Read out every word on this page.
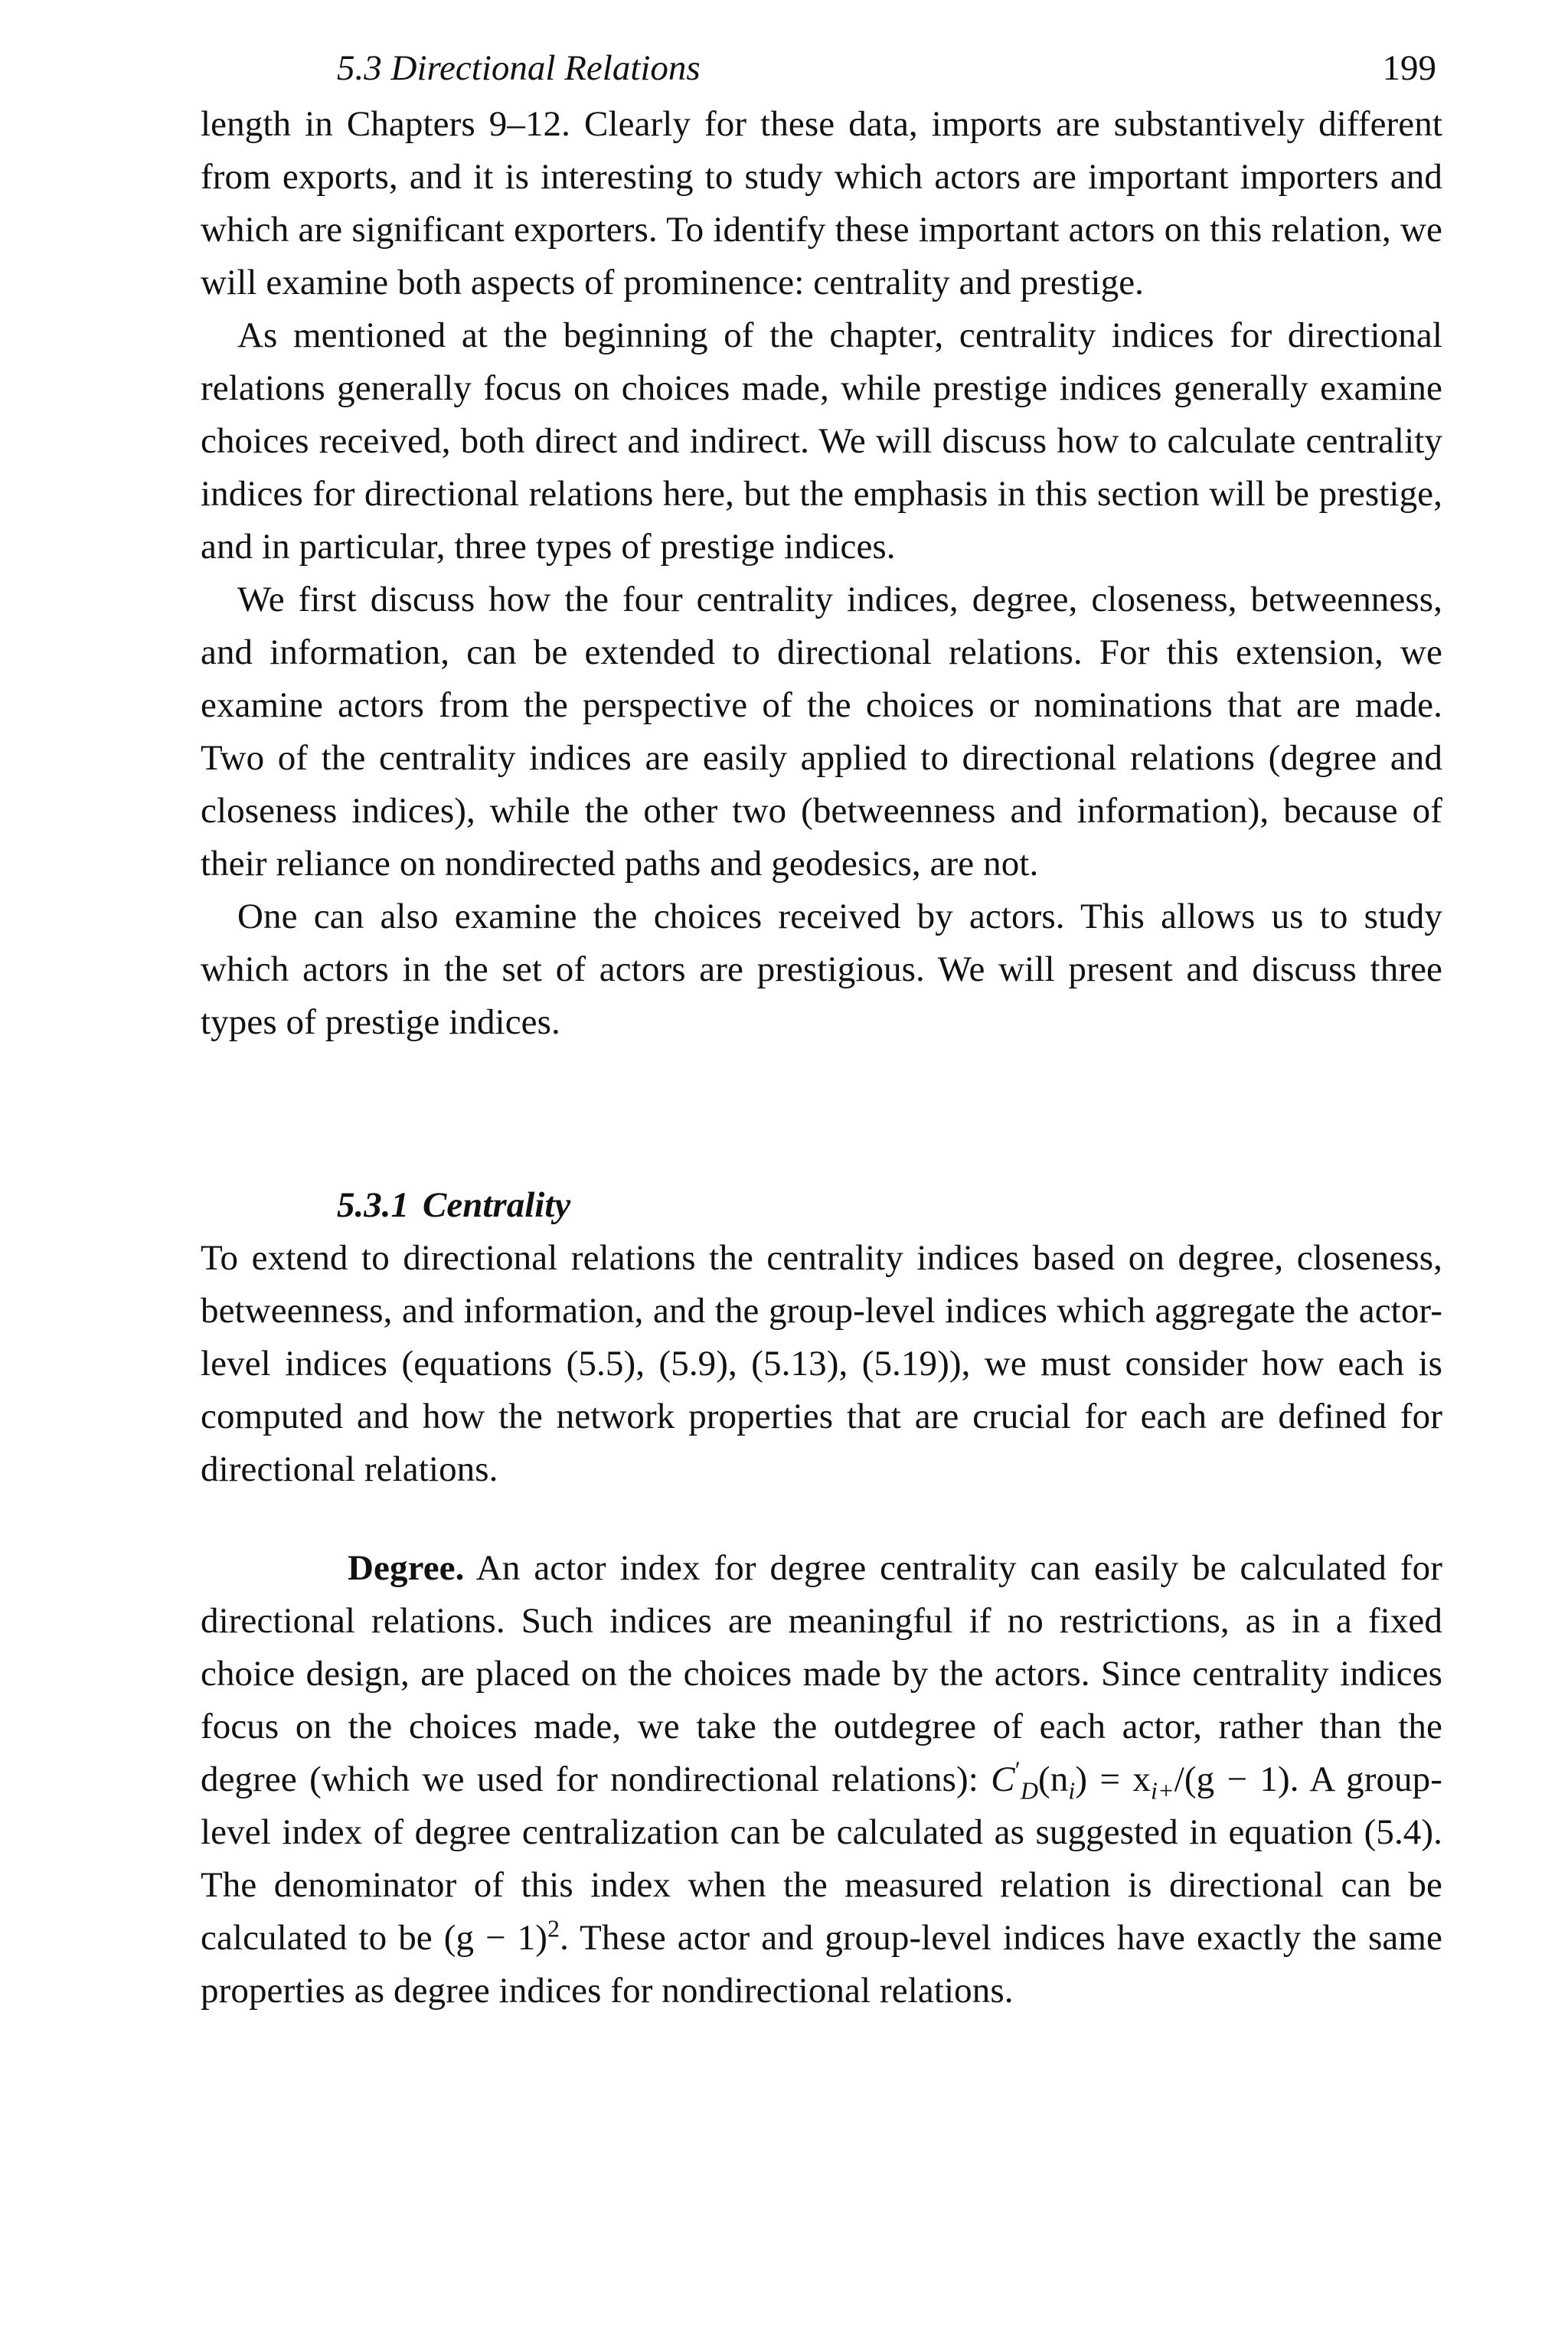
5.3 Directional Relations	199

length in Chapters 9–12. Clearly for these data, imports are substantively different from exports, and it is interesting to study which actors are important importers and which are significant exporters. To identify these important actors on this relation, we will examine both aspects of prominence: centrality and prestige.

As mentioned at the beginning of the chapter, centrality indices for directional relations generally focus on choices made, while prestige indices generally examine choices received, both direct and indirect. We will discuss how to calculate centrality indices for directional relations here, but the emphasis in this section will be prestige, and in particular, three types of prestige indices.

We first discuss how the four centrality indices, degree, closeness, betweenness, and information, can be extended to directional relations. For this extension, we examine actors from the perspective of the choices or nominations that are made. Two of the centrality indices are easily applied to directional relations (degree and closeness indices), while the other two (betweenness and information), because of their reliance on nondirected paths and geodesics, are not.

One can also examine the choices received by actors. This allows us to study which actors in the set of actors are prestigious. We will present and discuss three types of prestige indices.

5.3.1 Centrality

To extend to directional relations the centrality indices based on degree, closeness, betweenness, and information, and the group-level indices which aggregate the actor-level indices (equations (5.5), (5.9), (5.13), (5.19)), we must consider how each is computed and how the network properties that are crucial for each are defined for directional relations.

Degree. An actor index for degree centrality can easily be calculated for directional relations. Such indices are meaningful if no restrictions, as in a fixed choice design, are placed on the choices made by the actors. Since centrality indices focus on the choices made, we take the outdegree of each actor, rather than the degree (which we used for nondirectional relations): $C'_D(n_i) = x_{i+}/(g - 1)$. A group-level index of degree centralization can be calculated as suggested in equation (5.4). The denominator of this index when the measured relation is directional can be calculated to be $(g - 1)^2$. These actor and group-level indices have exactly the same properties as degree indices for nondirectional relations.
